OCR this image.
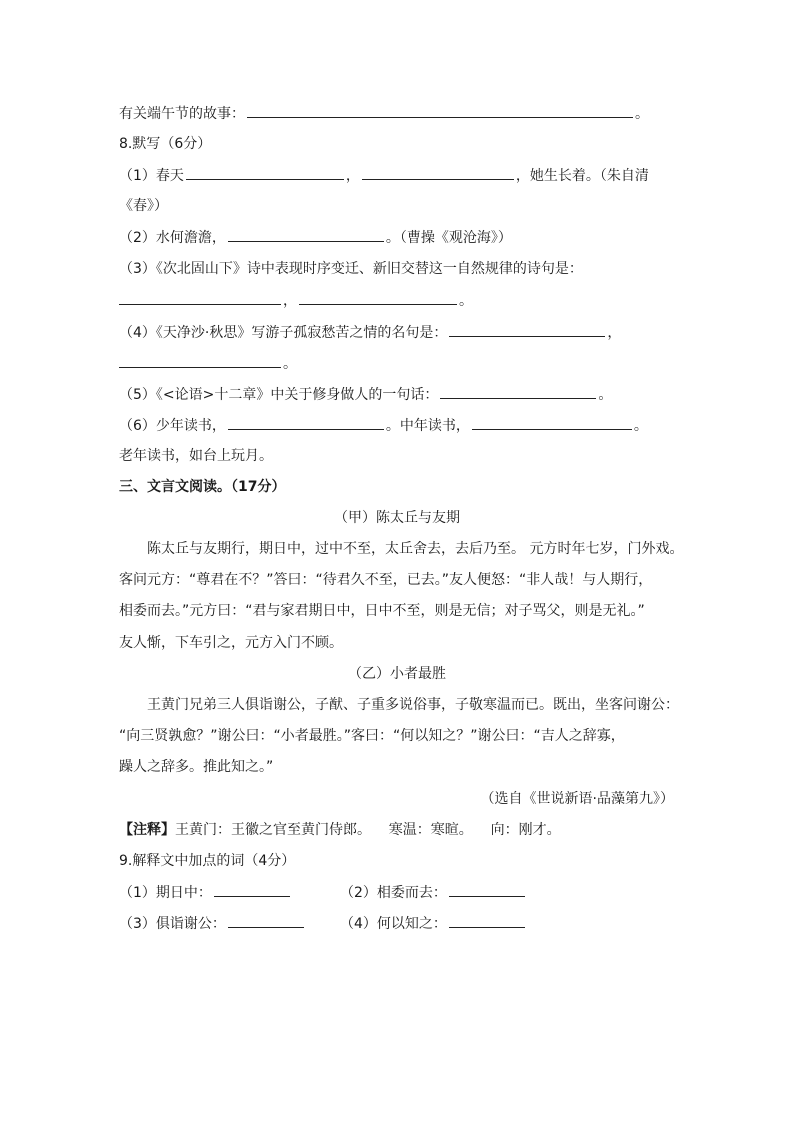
有关端午节的故事：	。
8.默写（6分）
（1）春天	，	，她生长着。（朱自清
《春》）
（2）水何澹澹，	。（曹操《观沧海》）
（3）《次北固山下》诗中表现时序变迁、新旧交替这一自然规律的诗句是：
，	。
（4）《天净沙·秋思》写游子孤寂愁苦之情的名句是：	，
。
（5）《<论语>十二章》中关于修身做人的一句话：	。
（6）少年读书，	。中年读书，	。
老年读书，如台上玩月。
三、文言文阅读。（17分）
（甲）陈太丘与友期
陈太丘与友期行，期日中，过中不至，太丘舍去，去后乃至。 元方时年七岁，门外戏。
客问元方：“尊君在不？”答曰：“待君久不至，已去。”友人便怒：“非人哉！与人期行，
相委而去。”元方曰：“君与家君期日中，日中不至，则是无信；对子骂父，则是无礼。”
友人惭，下车引之，元方入门不顾。
（乙）小者最胜
王黄门兄弟三人俱诣谢公，子猷、子重多说俗事，子敬寒温而已。既出，坐客问谢公：
“向三贤孰愈？”谢公曰：“小者最胜。”客曰：“何以知之？”谢公曰：“吉人之辞寡，
躁人之辞多。推此知之。”
（选自《世说新语·品藻第九》）
【注释】王黄门：王徽之官至黄门侍郎。    寒温：寒暄。    向：刚才。
9.解释文中加点的词（4分）
（1）期日中：	（2）相委而去：
（3）俱诣谢公：	（4）何以知之：
